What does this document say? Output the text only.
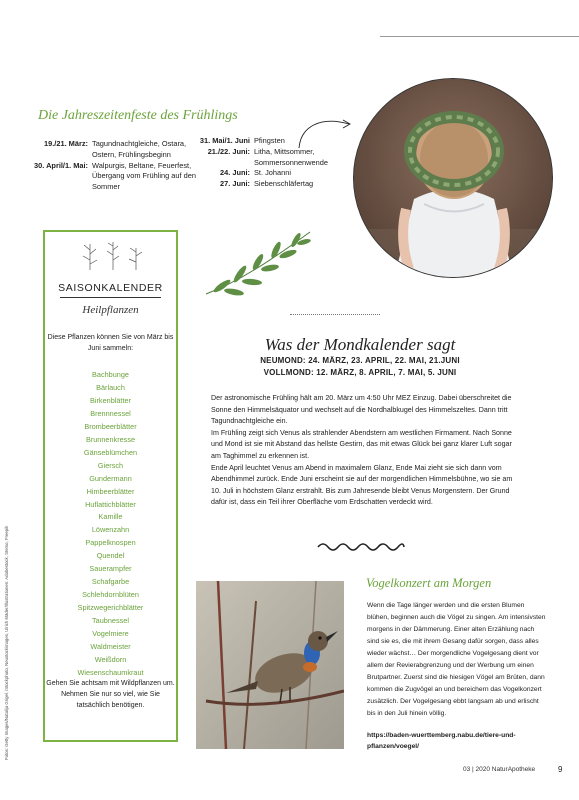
Die Jahreszeitenfeste des Frühlings
19./21. März: Tagundnachtgleiche, Ostara, Ostern, Frühlingsbeginn
30. April/1. Mai: Walpurgis, Beltane, Feuerfest, Übergang vom Frühling auf den Sommer
31. Mai/1. Juni Pfingsten
21./22. Juni: Litha, Mittsommer, Sommersonnenwende
24. Juni: St. Johanni
27. Juni: Siebenschläfertag
SAISONKALENDER
Heilpflanzen
Diese Pflanzen können Sie von März bis Juni sammeln:
Bachbunge
Bärlauch
Birkenblätter
Brennnessel
Brombeerblätter
Brunnenkresse
Gänseblümchen
Giersch
Gundermann
Himbeerblätter
Huflattichblätter
Kamille
Löwenzahn
Pappelknospen
Quendel
Sauerampfer
Schafgarbe
Schlehdornblüten
Spitzwegerichblätter
Taubnessel
Vogelmiere
Waldmeister
Weißdorn
Wiesenschaumkraut
Gehen Sie achtsam mit Wildpflanzen um. Nehmen Sie nur so viel, wie Sie tatsächlich benötigen.
Fotos: Getty Images/Natalija Grigel, iStockphoto, Neustockimages, Ulrich Mäder/Illustrationen: Adobestock, Stemo, Freepik
Was der Mondkalender sagt
NEUMOND: 24. MÄRZ, 23. APRIL, 22. MAI, 21.JUNI
VOLLMOND: 12. MÄRZ, 8. APRIL, 7. MAI, 5. JUNI

Der astronomische Frühling hält am 20. März um 4:50 Uhr MEZ Einzug. Dabei überschreitet die Sonne den Himmelsäquator und wechselt auf die Nordhalbkugel des Himmelszeltes. Dann tritt Tagundnachtgleiche ein.

Im Frühling zeigt sich Venus als strahlender Abendstern am westlichen Firmament. Nach Sonne und Mond ist sie mit Abstand das hellste Gestirn, das mit etwas Glück bei ganz klarer Luft sogar am Taghimmel zu erkennen ist.

Ende April leuchtet Venus am Abend in maximalem Glanz, Ende Mai zieht sie sich dann vom Abendhimmel zurück. Ende Juni erscheint sie auf der morgendlichen Himmelsbühne, wo sie am 10. Juli in höchstem Glanz erstrahlt. Bis zum Jahresende bleibt Venus Morgenstern. Der Grund dafür ist, dass ein Teil ihrer Oberfläche vom Erdschatten verdeckt wird.

Vogelkonzert am Morgen
Wenn die Tage länger werden und die ersten Blumen blühen, beginnen auch die Vögel zu singen. Am intensivsten morgens in der Dämmerung. Einer alten Erzählung nach sind sie es, die mit ihrem Gesang dafür sorgen, dass alles wieder wächst… Der morgendliche Vogelgesang dient vor allem der Revierabgrenzung und der Werbung um einen Brutpartner. Zuerst sind die hiesigen Vögel am Brüten, dann kommen die Zugvögel an und bereichern das Vogelkonzert zusätzlich. Der Vogelgesang ebbt langsam ab und erlischt bis in den Juli hinein völlig.
https://baden-wuerttemberg.nabu.de/tiere-und-pflanzen/voegel/
03 | 2020 NaturApotheke	9
